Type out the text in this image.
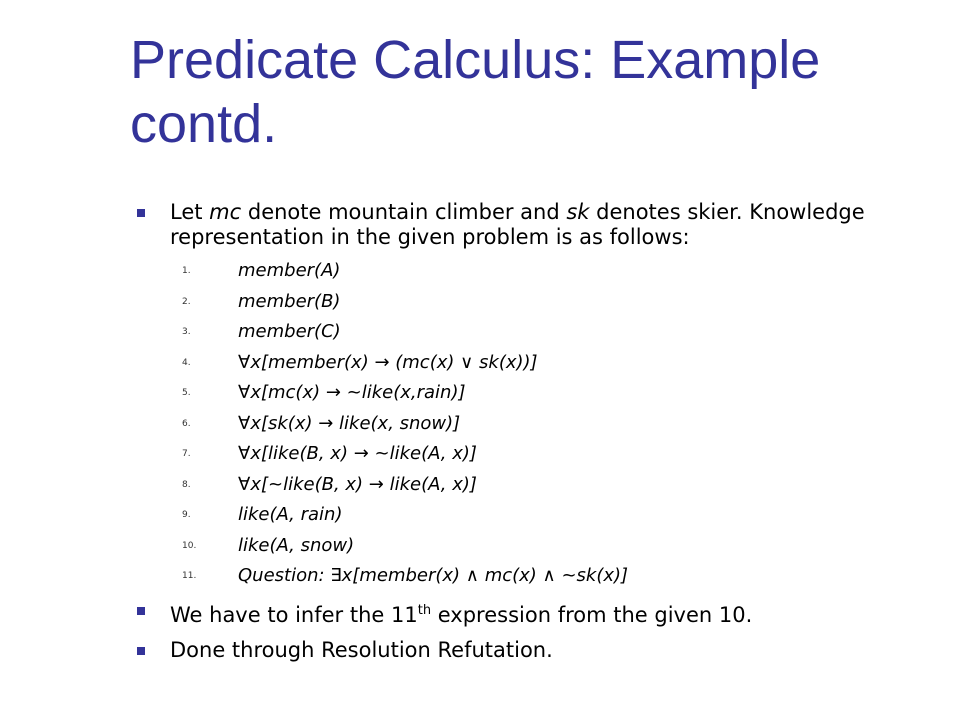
Predicate Calculus: Example contd.
Let mc denote mountain climber and sk denotes skier. Knowledge representation in the given problem is as follows:
1.	member(A)
2.	member(B)
3.	member(C)
4.	∀x[member(x) → (mc(x) ∨ sk(x))]
5.	∀x[mc(x) → ~like(x,rain)]
6.	∀x[sk(x) → like(x, snow)]
7.	∀x[like(B, x) → ~like(A, x)]
8.	∀x[~like(B, x) → like(A, x)]
9.	like(A, rain)
10. like(A, snow)
11. Question: ∃x[member(x) ∧ mc(x) ∧ ~sk(x)]
We have to infer the 11th expression from the given 10.
Done through Resolution Refutation.
